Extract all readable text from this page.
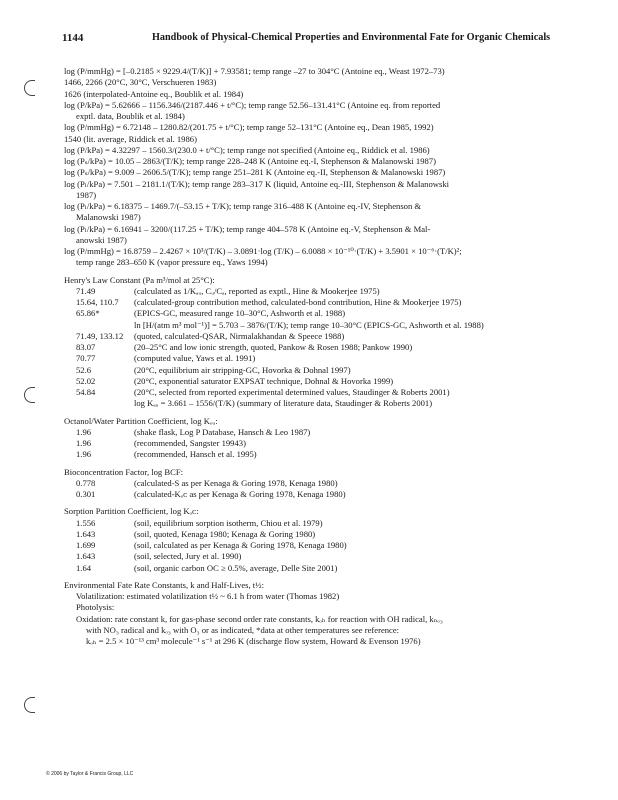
1144	Handbook of Physical-Chemical Properties and Environmental Fate for Organic Chemicals
log (P/mmHg) = [–0.2185 × 9229.4/(T/K)] + 7.93581; temp range –27 to 304°C (Antoine eq., Weast 1972–73)
1466, 2266 (20°C, 30°C, Verschueren 1983)
1626 (interpolated-Antoine eq., Boublik et al. 1984)
log (P/kPa) = 5.62666 – 1156.346/(2187.446 + t/°C); temp range 52.56–131.41°C (Antoine eq. from reported
exptl. data, Boublik et al. 1984)
log (P/mmHg) = 6.72148 – 1280.82/(201.75 + t/°C); temp range 52–131°C (Antoine eq., Dean 1985, 1992)
1540 (lit. average, Riddick et al. 1986)
log (P/kPa) = 4.32297 – 1560.3/(230.0 + t/°C); temp range not specified (Antoine eq., Riddick et al. 1986)
log (Pₛ/kPa) = 10.05 – 2863/(T/K); temp range 228–248 K (Antoine eq.-I, Stephenson & Malanowski 1987)
log (Pₛ/kPa) = 9.009 – 2606.5/(T/K); temp range 251–281 K (Antoine eq.-II, Stephenson & Malanowski 1987)
log (Pₗ/kPa) = 7.501 – 2181.1/(T/K); temp range 283–317 K (liquid, Antoine eq.-III, Stephenson & Malanowski
1987)
log (Pₗ/kPa) = 6.18375 – 1469.7/(–53.15 + T/K); temp range 316–488 K (Antoine eq.-IV, Stephenson &
Malanowski 1987)
log (Pₗ/kPa) = 6.16941 – 3200/(117.25 + T/K); temp range 404–578 K (Antoine eq.-V, Stephenson & Mal-
anowski 1987)
log (P/mmHg) = 16.8759 – 2.4267 × 10³/(T/K) – 3.0891·log (T/K) – 6.0088 × 10⁻¹⁰·(T/K) + 3.5901 × 10⁻⁶·(T/K)²;
temp range 283–650 K (vapor pressure eq., Yaws 1994)
Henry's Law Constant (Pa m³/mol at 25°C):
71.49	(calculated as 1/Kₐᵤ, Cᵤ/Cₐ, reported as exptl., Hine & Mookerjee 1975)
15.64, 110.7	(calculated-group contribution method, calculated-bond contribution, Hine & Mookerjee 1975)
65.86*	(EPICS-GC, measured range 10–30°C, Ashworth et al. 1988)
ln [H/(atm m³ mol⁻¹)] = 5.703 – 3876/(T/K); temp range 10–30°C (EPICS-GC, Ashworth et al. 1988)
71.49, 133.12	(quoted, calculated-QSAR, Nirmalakhandan & Speece 1988)
83.07	(20–25°C and low ionic strength, quoted, Pankow & Rosen 1988; Pankow 1990)
70.77	(computed value, Yaws et al. 1991)
52.6	(20°C, equilibrium air stripping-GC, Hovorka & Dohnal 1997)
52.02	(20°C, exponential saturator EXPSAT technique, Dohnal & Hovorka 1999)
54.84	(20°C, selected from reported experimental determined values, Staudinger & Roberts 2001)
log Kₐᵤ = 3.661 – 1556/(T/K) (summary of literature data, Staudinger & Roberts 2001)
Octanol/Water Partition Coefficient, log Kₒᵤ:
1.96	(shake flask, Log P Database, Hansch & Leo 1987)
1.96	(recommended, Sangster 19943)
1.96	(recommended, Hansch et al. 1995)
Bioconcentration Factor, log BCF:
0.778	(calculated-S as per Kenaga & Goring 1978, Kenaga 1980)
0.301	(calculated-Kₒᴄ as per Kenaga & Goring 1978, Kenaga 1980)
Sorption Partition Coefficient, log Kₒᴄ:
1.556	(soil, equilibrium sorption isotherm, Chiou et al. 1979)
1.643	(soil, quoted, Kenaga 1980; Kenaga & Goring 1980)
1.699	(soil, calculated as per Kenaga & Goring 1978, Kenaga 1980)
1.643	(soil, selected, Jury et al. 1990)
1.64	(soil, organic carbon OC ≥ 0.5%, average, Delle Site 2001)
Environmental Fate Rate Constants, k and Half-Lives, t½:
Volatilization: estimated volatilization t½ ~ 6.1 h from water (Thomas 1982)
Photolysis:
Oxidation: rate constant k, for gas-phase second order rate constants, kₒₕ for reaction with OH radical, kₙₒ₃
with NO₃ radical and kₒ₃ with O₃ or as indicated, *data at other temperatures see reference:
kₒₕ = 2.5 × 10⁻¹³ cm³ molecule⁻¹ s⁻¹ at 296 K (discharge flow system, Howard & Evenson 1976)
© 2006 by Taylor & Francis Group, LLC
